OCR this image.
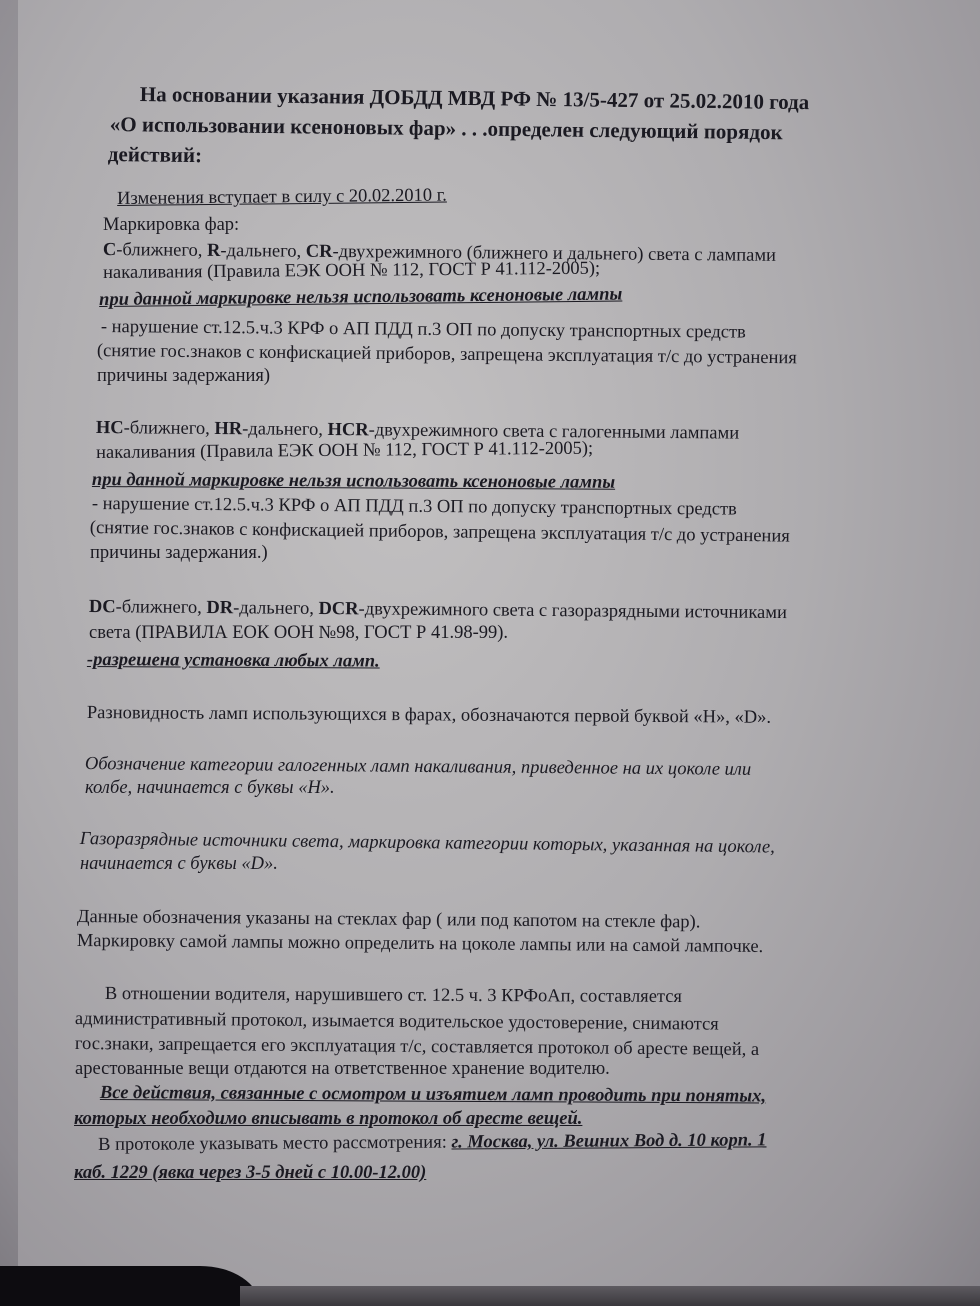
На основании указания ДОБДД МВД РФ № 13/5-427 от 25.02.2010 года
«О использовании ксеноновых фар» . . .определен следующий порядок
действий:
Изменения вступает в силу с 20.02.2010 г.
Маркировка фар:
C-ближнего, R-дальнего, CR-двухрежимного (ближнего и дальнего) света с лампами
накаливания (Правила ЕЭК ООН № 112, ГОСТ Р 41.112-2005);
при данной маркировке нельзя использовать ксеноновые лампы
- нарушение ст.12.5.ч.3 КРФ о АП ПДД п.3 ОП по допуску транспортных средств
(снятие гос.знаков с конфискацией приборов, запрещена эксплуатация т/с до устранения
причины задержания)
HC-ближнего, HR-дальнего, HCR-двухрежимного света с галогенными лампами
накаливания (Правила ЕЭК ООН № 112, ГОСТ Р 41.112-2005);
при данной маркировке нельзя использовать ксеноновые лампы
- нарушение ст.12.5.ч.3 КРФ о АП ПДД п.3 ОП по допуску транспортных средств
(снятие гос.знаков с конфискацией приборов, запрещена эксплуатация т/с до устранения
причины задержания.)
DC-ближнего, DR-дальнего, DCR-двухрежимного света с газоразрядными источниками
света (ПРАВИЛА ЕОК ООН №98, ГОСТ Р 41.98-99).
-разрешена установка любых ламп.
Разновидность ламп использующихся в фарах, обозначаются первой буквой «H», «D».
Обозначение категории галогенных ламп накаливания, приведенное на их цоколе или
колбе, начинается с буквы «H».
Газоразрядные источники света, маркировка категории которых, указанная на цоколе,
начинается с буквы «D».
Данные обозначения указаны на стеклах фар ( или под капотом на стекле фар).
Маркировку самой лампы можно определить на цоколе лампы или на самой лампочке.
В отношении водителя, нарушившего ст. 12.5 ч. 3 КРФоАп, составляется
административный протокол, изымается водительское удостоверение, снимаются
гос.знаки, запрещается его эксплуатация т/с, составляется протокол об аресте вещей, а
арестованные вещи отдаются на ответственное хранение водителю.
Все действия, связанные с осмотром и изъятием ламп проводить при понятых,
которых необходимо вписывать в протокол об аресте вещей.
В протоколе указывать место рассмотрения: г. Москва, ул. Вешних Вод д. 10 корп. 1
каб. 1229 (явка через 3-5 дней с 10.00-12.00)
